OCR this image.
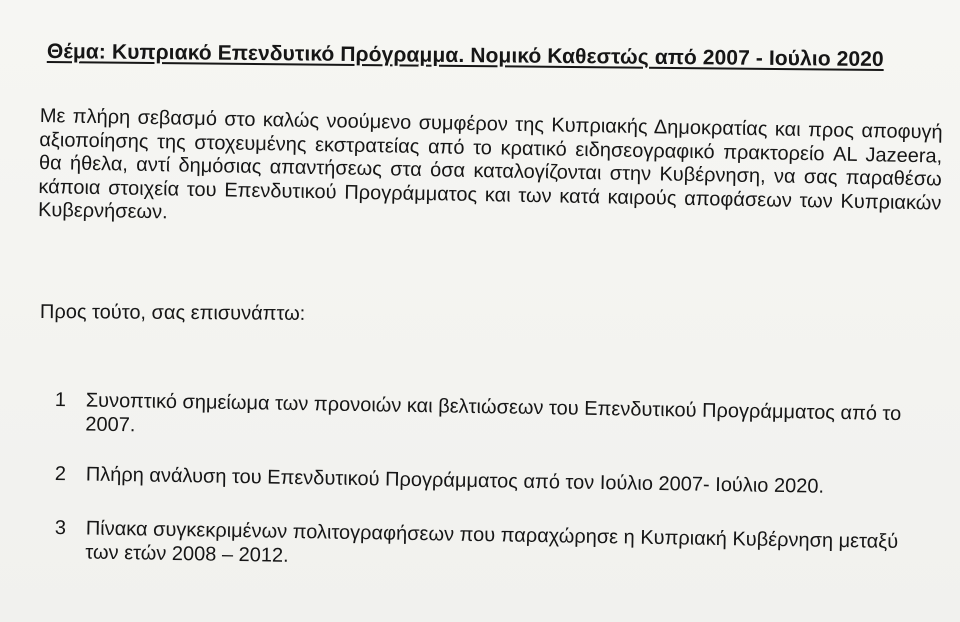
Θέμα: Κυπριακό Επενδυτικό Πρόγραμμα. Νομικό Καθεστώς από 2007 - Ιούλιο 2020
Με πλήρη σεβασμό στο καλώς νοούμενο συμφέρον της Κυπριακής Δημοκρατίας και προς αποφυγή αξιοποίησης της στοχευμένης εκστρατείας από το κρατικό ειδησεογραφικό πρακτορείο AL Jazeera, θα ήθελα, αντί δημόσιας απαντήσεως στα όσα καταλογίζονται στην Κυβέρνηση, να σας παραθέσω κάποια στοιχεία του Επενδυτικού Προγράμματος και των κατά καιρούς αποφάσεων των Κυπριακών Κυβερνήσεων.
Προς τούτο, σας επισυνάπτω:
1 Συνοπτικό σημείωμα των προνοιών και βελτιώσεων του Επενδυτικού Προγράμματος από το 2007.
2 Πλήρη ανάλυση του Επενδυτικού Προγράμματος από τον Ιούλιο 2007- Ιούλιο 2020.
3 Πίνακα συγκεκριμένων πολιτογραφήσεων που παραχώρησε η Κυπριακή Κυβέρνηση μεταξύ των ετών 2008 – 2012.
